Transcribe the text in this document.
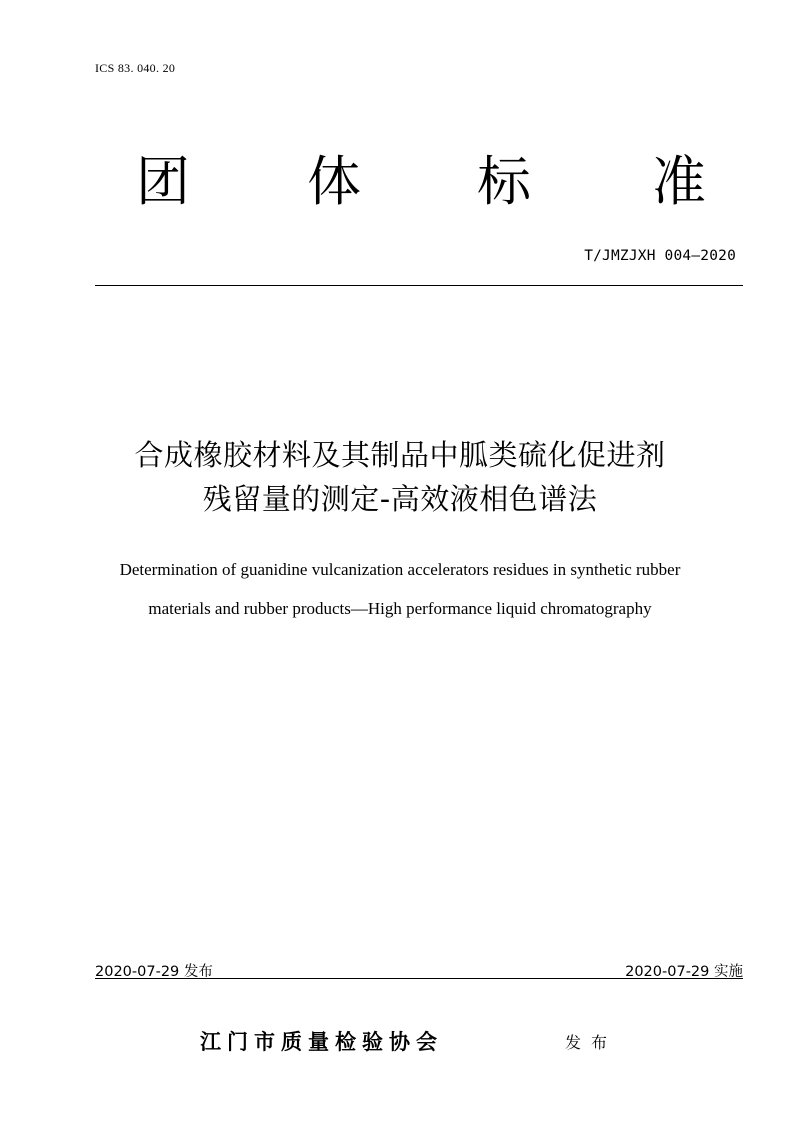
ICS 83. 040. 20
团 体 标 准
T/JMZJXH 004—2020
合成橡胶材料及其制品中胍类硫化促进剂
残留量的测定-高效液相色谱法
Determination of guanidine vulcanization accelerators residues in synthetic rubber
materials and rubber products—High performance liquid chromatography
2020-07-29 发布	2020-07-29 实施
江门市质量检验协会	发布
